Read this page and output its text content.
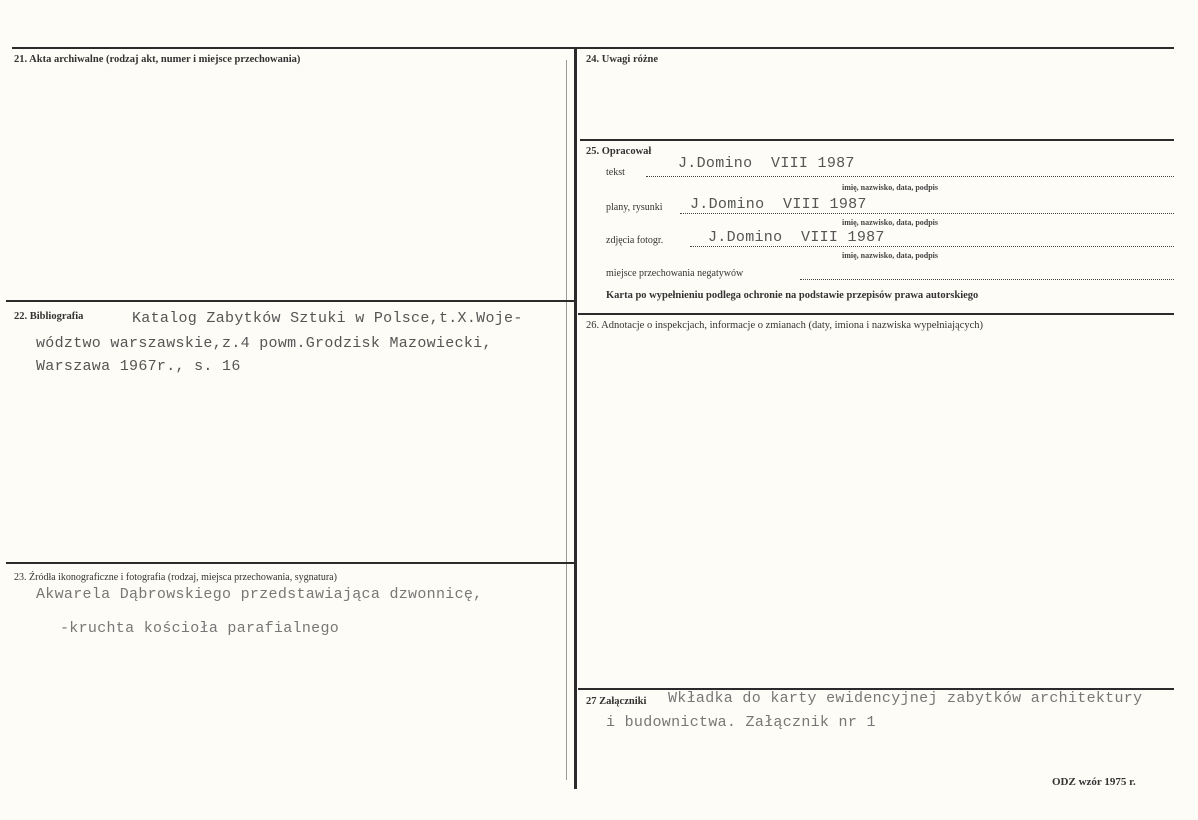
21. Akta archiwalne (rodzaj akt, numer i miejsce przechowania)
22. Bibliografia	Katalog Zabytków Sztuki w Polsce,t.X.Woje-
wództwo warszawskie,z.4 powm.Grodzisk Mazowiecki,
Warszawa 1967r., s. 16
23. Źródła ikonograficzne i fotografia (rodzaj, miejsca przechowania, sygnatura)
Akwarela Dąbrowskiego przedstawiająca dzwonnicę,
-kruchta kościoła parafialnego
24. Uwagi różne
25. Opracował
tekst
J.Domino  VIII 1987
imię, nazwisko, data, podpis
plany, rysunki J.Domino  VIII 1987
imię, nazwisko, data, podpis
zdjęcia fotogr.	J.Domino  VIII 1987
imię, nazwisko, data, podpis
miejsce przechowania negatywów
Karta po wypełnieniu podlega ochronie na podstawie przepisów prawa autorskiego
26. Adnotacje o inspekcjach, informacje o zmianach (daty, imiona i nazwiska wypełniających)
27 Załączniki Wkładka do karty ewidencyjnej zabytków architektury
i budownictwa. Załącznik nr 1
ODZ wzór 1975 r.
